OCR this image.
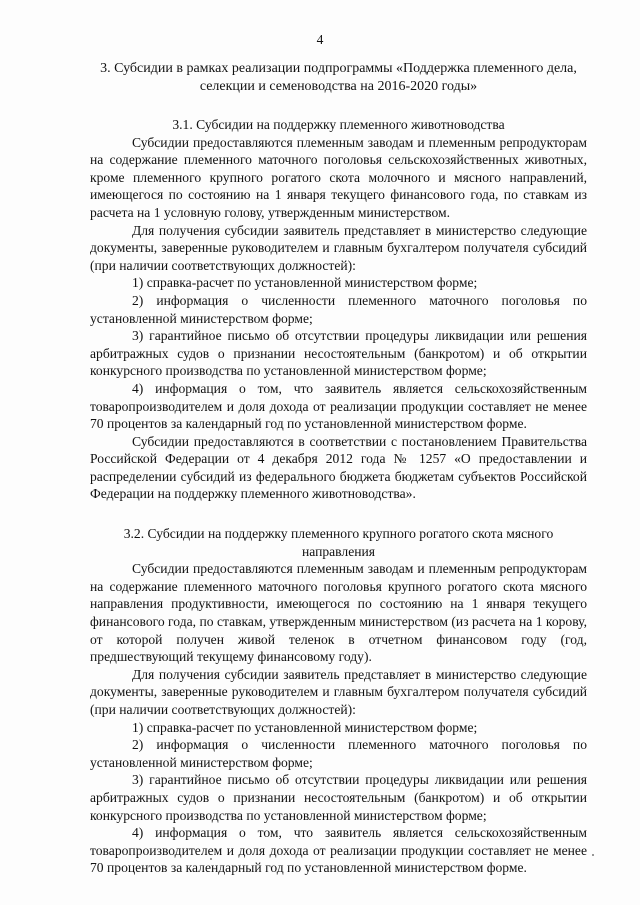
4
3. Субсидии в рамках реализации подпрограммы «Поддержка племенного дела, селекции и семеноводства на 2016-2020 годы»
3.1. Субсидии на поддержку племенного животноводства

Субсидии предоставляются племенным заводам и племенным репродукторам на содержание племенного маточного поголовья сельскохозяйственных животных, кроме племенного крупного рогатого скота молочного и мясного направлений, имеющегося по состоянию на 1 января текущего финансового года, по ставкам из расчета на 1 условную голову, утвержденным министерством.

Для получения субсидии заявитель представляет в министерство следующие документы, заверенные руководителем и главным бухгалтером получателя субсидий (при наличии соответствующих должностей):

1) справка-расчет по установленной министерством форме;

2) информация о численности племенного маточного поголовья по установленной министерством форме;

3) гарантийное письмо об отсутствии процедуры ликвидации или решения арбитражных судов о признании несостоятельным (банкротом) и об открытии конкурсного производства по установленной министерством форме;

4) информация о том, что заявитель является сельскохозяйственным товаропроизводителем и доля дохода от реализации продукции составляет не менее 70 процентов за календарный год по установленной министерством форме.

Субсидии предоставляются в соответствии с постановлением Правительства Российской Федерации от 4 декабря 2012 года № 1257 «О предоставлении и распределении субсидий из федерального бюджета бюджетам субъектов Российской Федерации на поддержку племенного животноводства».

3.2. Субсидии на поддержку племенного крупного рогатого скота мясного направления

Субсидии предоставляются племенным заводам и племенным репродукторам на содержание племенного маточного поголовья крупного рогатого скота мясного направления продуктивности, имеющегося по состоянию на 1 января текущего финансового года, по ставкам, утвержденным министерством (из расчета на 1 корову, от которой получен живой теленок в отчетном финансовом году (год, предшествующий текущему финансовому году).

Для получения субсидии заявитель представляет в министерство следующие документы, заверенные руководителем и главным бухгалтером получателя субсидий (при наличии соответствующих должностей):

1) справка-расчет по установленной министерством форме;

2) информация о численности племенного маточного поголовья по установленной министерством форме;

3) гарантийное письмо об отсутствии процедуры ликвидации или решения арбитражных судов о признании несостоятельным (банкротом) и об открытии конкурсного производства по установленной министерством форме;

4) информация о том, что заявитель является сельскохозяйственным товаропроизводителем и доля дохода от реализации продукции составляет не менее 70 процентов за календарный год по установленной министерством форме.
